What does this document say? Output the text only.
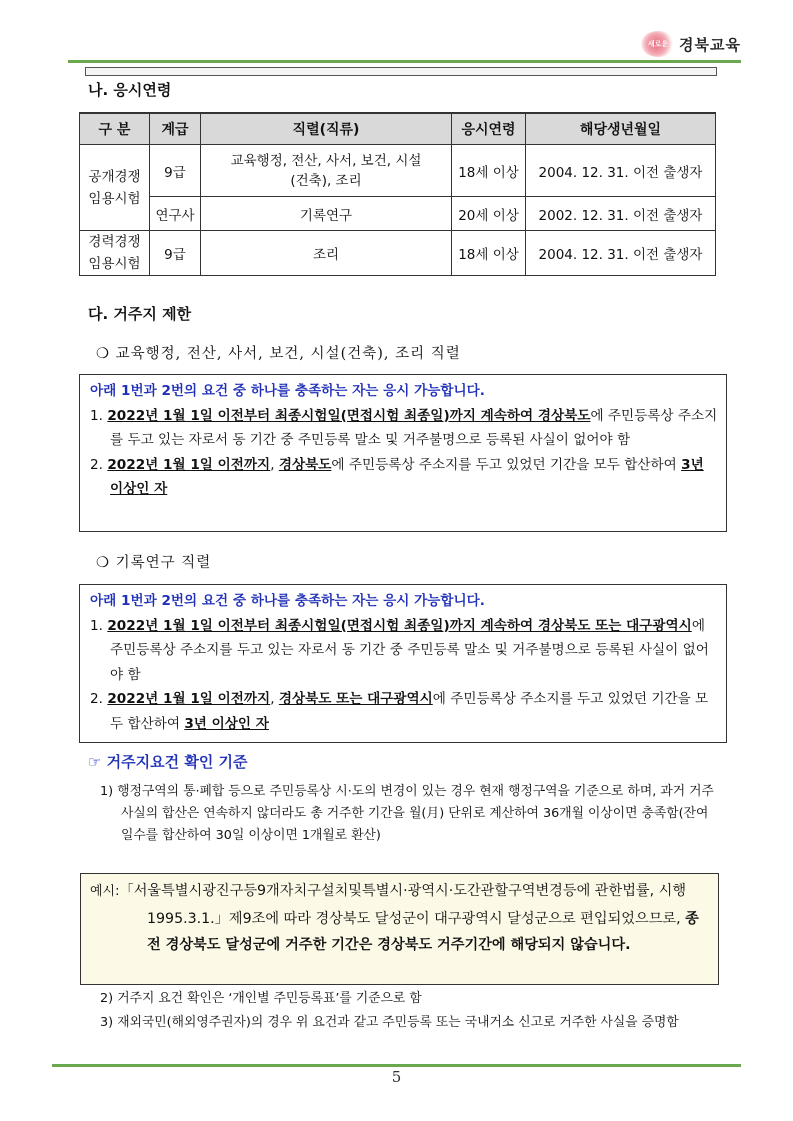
새로운 경북교육
나. 응시연령
구 분	계급	직렬(직류)	응시연령	해당생년월일
공개경쟁 임용시험	9급	교육행정, 전산, 사서, 보건, 시설(건축), 조리	18세 이상	2004. 12. 31. 이전 출생자
	연구사	기록연구	20세 이상	2002. 12. 31. 이전 출생자
경력경쟁 임용시험	9급	조리	18세 이상	2004. 12. 31. 이전 출생자
다. 거주지 제한
❍ 교육행정, 전산, 사서, 보건, 시설(건축), 조리 직렬
아래 1번과 2번의 요건 중 하나를 충족하는 자는 응시 가능합니다.
1. 2022년 1월 1일 이전부터 최종시험일(면접시험 최종일)까지 계속하여 경상북도에 주민등록상 주소지를 두고 있는 자로서 동 기간 중 주민등록 말소 및 거주불명으로 등록된 사실이 없어야 함
2. 2022년 1월 1일 이전까지, 경상북도에 주민등록상 주소지를 두고 있었던 기간을 모두 합산하여 3년 이상인 자
❍ 기록연구 직렬
아래 1번과 2번의 요건 중 하나를 충족하는 자는 응시 가능합니다.
1. 2022년 1월 1일 이전부터 최종시험일(면접시험 최종일)까지 계속하여 경상북도 또는 대구광역시에 주민등록상 주소지를 두고 있는 자로서 동 기간 중 주민등록 말소 및 거주불명으로 등록된 사실이 없어야 함
2. 2022년 1월 1일 이전까지, 경상북도 또는 대구광역시에 주민등록상 주소지를 두고 있었던 기간을 모두 합산하여 3년 이상인 자
☞ 거주지요건 확인 기준
1) 행정구역의 통·폐합 등으로 주민등록상 시·도의 변경이 있는 경우 현재 행정구역을 기준으로 하며, 과거 거주 사실의 합산은 연속하지 않더라도 총 거주한 기간을 월(月) 단위로 계산하여 36개월 이상이면 충족함(잔여일수를 합산하여 30일 이상이면 1개월로 환산)
예시:「서울특별시광진구등9개자치구설치및특별시·광역시·도간관할구역변경등에 관한법률, 시행 1995.3.1.」제9조에 따라 경상북도 달성군이 대구광역시 달성군으로 편입되었으므로, 종전 경상북도 달성군에 거주한 기간은 경상북도 거주기간에 해당되지 않습니다.
2) 거주지 요건 확인은 ‘개인별 주민등록표’를 기준으로 함
3) 재외국민(해외영주권자)의 경우 위 요건과 같고 주민등록 또는 국내거소 신고로 거주한 사실을 증명함
5
